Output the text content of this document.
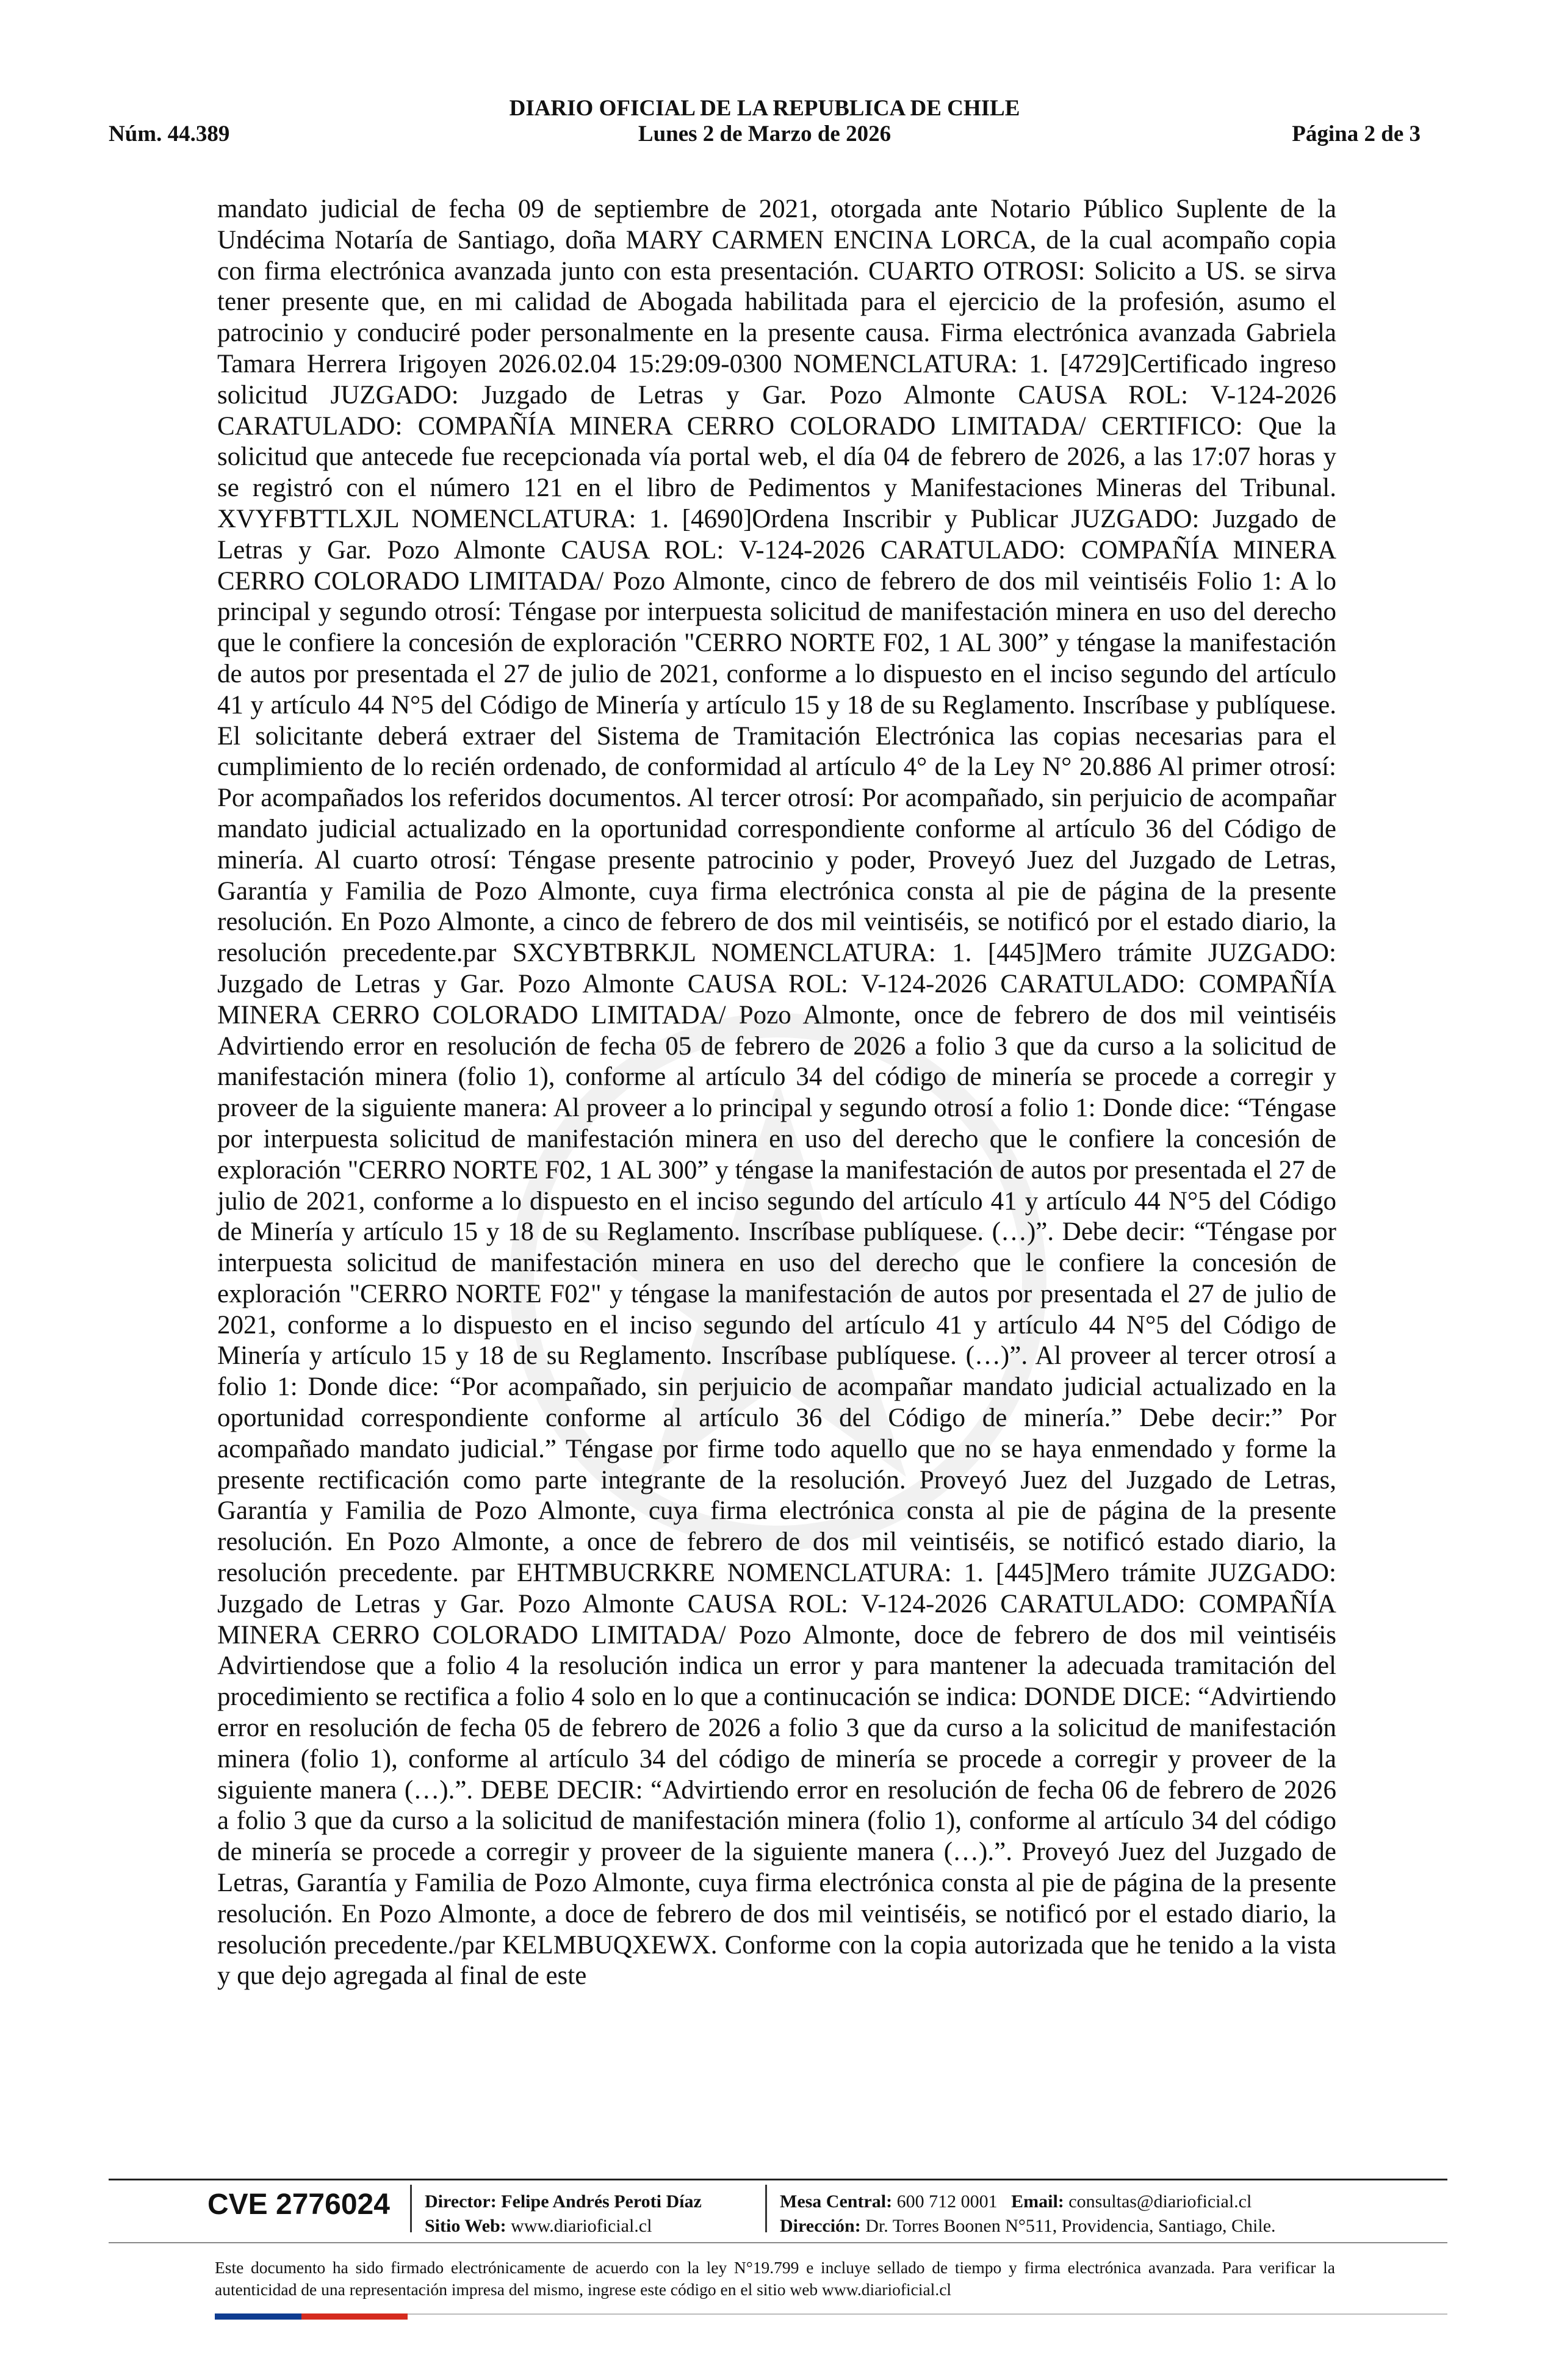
DIARIO OFICIAL DE LA REPUBLICA DE CHILE
Núm. 44.389	Lunes 2 de Marzo de 2026	Página 2 de 3

mandato judicial de fecha 09 de septiembre de 2021, otorgada ante Notario Público Suplente de la Undécima Notaría de Santiago, doña MARY CARMEN ENCINA LORCA, de la cual acompaño copia con firma electrónica avanzada junto con esta presentación. CUARTO OTROSI: Solicito a US. se sirva tener presente que, en mi calidad de Abogada habilitada para el ejercicio de la profesión, asumo el patrocinio y conduciré poder personalmente en la presente causa. Firma electrónica avanzada Gabriela Tamara Herrera Irigoyen 2026.02.04 15:29:09-0300 NOMENCLATURA: 1. [4729]Certificado ingreso solicitud JUZGADO: Juzgado de Letras y Gar. Pozo Almonte CAUSA ROL: V-124-2026 CARATULADO: COMPAÑÍA MINERA CERRO COLORADO LIMITADA/ CERTIFICO: Que la solicitud que antecede fue recepcionada vía portal web, el día 04 de febrero de 2026, a las 17:07 horas y se registró con el número 121 en el libro de Pedimentos y Manifestaciones Mineras del Tribunal. XVYFBTTLXJL NOMENCLATURA: 1. [4690]Ordena Inscribir y Publicar JUZGADO: Juzgado de Letras y Gar. Pozo Almonte CAUSA ROL: V-124-2026 CARATULADO: COMPAÑÍA MINERA CERRO COLORADO LIMITADA/ Pozo Almonte, cinco de febrero de dos mil veintiséis Folio 1: A lo principal y segundo otrosí: Téngase por interpuesta solicitud de manifestación minera en uso del derecho que le confiere la concesión de exploración "CERRO NORTE F02, 1 AL 300” y téngase la manifestación de autos por presentada el 27 de julio de 2021, conforme a lo dispuesto en el inciso segundo del artículo 41 y artículo 44 N°5 del Código de Minería y artículo 15 y 18 de su Reglamento. Inscríbase y publíquese. El solicitante deberá extraer del Sistema de Tramitación Electrónica las copias necesarias para el cumplimiento de lo recién ordenado, de conformidad al artículo 4° de la Ley N° 20.886 Al primer otrosí: Por acompañados los referidos documentos. Al tercer otrosí: Por acompañado, sin perjuicio de acompañar mandato judicial actualizado en la oportunidad correspondiente conforme al artículo 36 del Código de minería. Al cuarto otrosí: Téngase presente patrocinio y poder, Proveyó Juez del Juzgado de Letras, Garantía y Familia de Pozo Almonte, cuya firma electrónica consta al pie de página de la presente resolución. En Pozo Almonte, a cinco de febrero de dos mil veintiséis, se notificó por el estado diario, la resolución precedente.par SXCYBTBRKJL NOMENCLATURA: 1. [445]Mero trámite JUZGADO: Juzgado de Letras y Gar. Pozo Almonte CAUSA ROL: V-124-2026 CARATULADO: COMPAÑÍA MINERA CERRO COLORADO LIMITADA/ Pozo Almonte, once de febrero de dos mil veintiséis Advirtiendo error en resolución de fecha 05 de febrero de 2026 a folio 3 que da curso a la solicitud de manifestación minera (folio 1), conforme al artículo 34 del código de minería se procede a corregir y proveer de la siguiente manera: Al proveer a lo principal y segundo otrosí a folio 1: Donde dice: “Téngase por interpuesta solicitud de manifestación minera en uso del derecho que le confiere la concesión de exploración "CERRO NORTE F02, 1 AL 300” y téngase la manifestación de autos por presentada el 27 de julio de 2021, conforme a lo dispuesto en el inciso segundo del artículo 41 y artículo 44 N°5 del Código de Minería y artículo 15 y 18 de su Reglamento. Inscríbase publíquese. (…)”. Debe decir: “Téngase por interpuesta solicitud de manifestación minera en uso del derecho que le confiere la concesión de exploración "CERRO NORTE F02" y téngase la manifestación de autos por presentada el 27 de julio de 2021, conforme a lo dispuesto en el inciso segundo del artículo 41 y artículo 44 N°5 del Código de Minería y artículo 15 y 18 de su Reglamento. Inscríbase publíquese. (…)”. Al proveer al tercer otrosí a folio 1: Donde dice: “Por acompañado, sin perjuicio de acompañar mandato judicial actualizado en la oportunidad correspondiente conforme al artículo 36 del Código de minería.” Debe decir:” Por acompañado mandato judicial.” Téngase por firme todo aquello que no se haya enmendado y forme la presente rectificación como parte integrante de la resolución. Proveyó Juez del Juzgado de Letras, Garantía y Familia de Pozo Almonte, cuya firma electrónica consta al pie de página de la presente resolución. En Pozo Almonte, a once de febrero de dos mil veintiséis, se notificó estado diario, la resolución precedente. par EHTMBUCRKRE NOMENCLATURA: 1. [445]Mero trámite JUZGADO: Juzgado de Letras y Gar. Pozo Almonte CAUSA ROL: V-124-2026 CARATULADO: COMPAÑÍA MINERA CERRO COLORADO LIMITADA/ Pozo Almonte, doce de febrero de dos mil veintiséis Advirtiendose que a folio 4 la resolución indica un error y para mantener la adecuada tramitación del procedimiento se rectifica a folio 4 solo en lo que a continucación se indica: DONDE DICE: “Advirtiendo error en resolución de fecha 05 de febrero de 2026 a folio 3 que da curso a la solicitud de manifestación minera (folio 1), conforme al artículo 34 del código de minería se procede a corregir y proveer de la siguiente manera (…).”. DEBE DECIR: “Advirtiendo error en resolución de fecha 06 de febrero de 2026 a folio 3 que da curso a la solicitud de manifestación minera (folio 1), conforme al artículo 34 del código de minería se procede a corregir y proveer de la siguiente manera (…).”. Proveyó Juez del Juzgado de Letras, Garantía y Familia de Pozo Almonte, cuya firma electrónica consta al pie de página de la presente resolución. En Pozo Almonte, a doce de febrero de dos mil veintiséis, se notificó por el estado diario, la resolución precedente./par KELMBUQXEWX. Conforme con la copia autorizada que he tenido a la vista y que dejo agregada al final de este

CVE 2776024 Director: Felipe Andrés Peroti Díaz
Sitio Web: www.diarioficial.cl
Mesa Central: 600 712 0001 Email: consultas@diarioficial.cl
Dirección: Dr. Torres Boonen N°511, Providencia, Santiago, Chile.
Este documento ha sido firmado electrónicamente de acuerdo con la ley N°19.799 e incluye sellado de tiempo y firma electrónica avanzada. Para verificar la autenticidad de una representación impresa del mismo, ingrese este código en el sitio web www.diarioficial.cl
